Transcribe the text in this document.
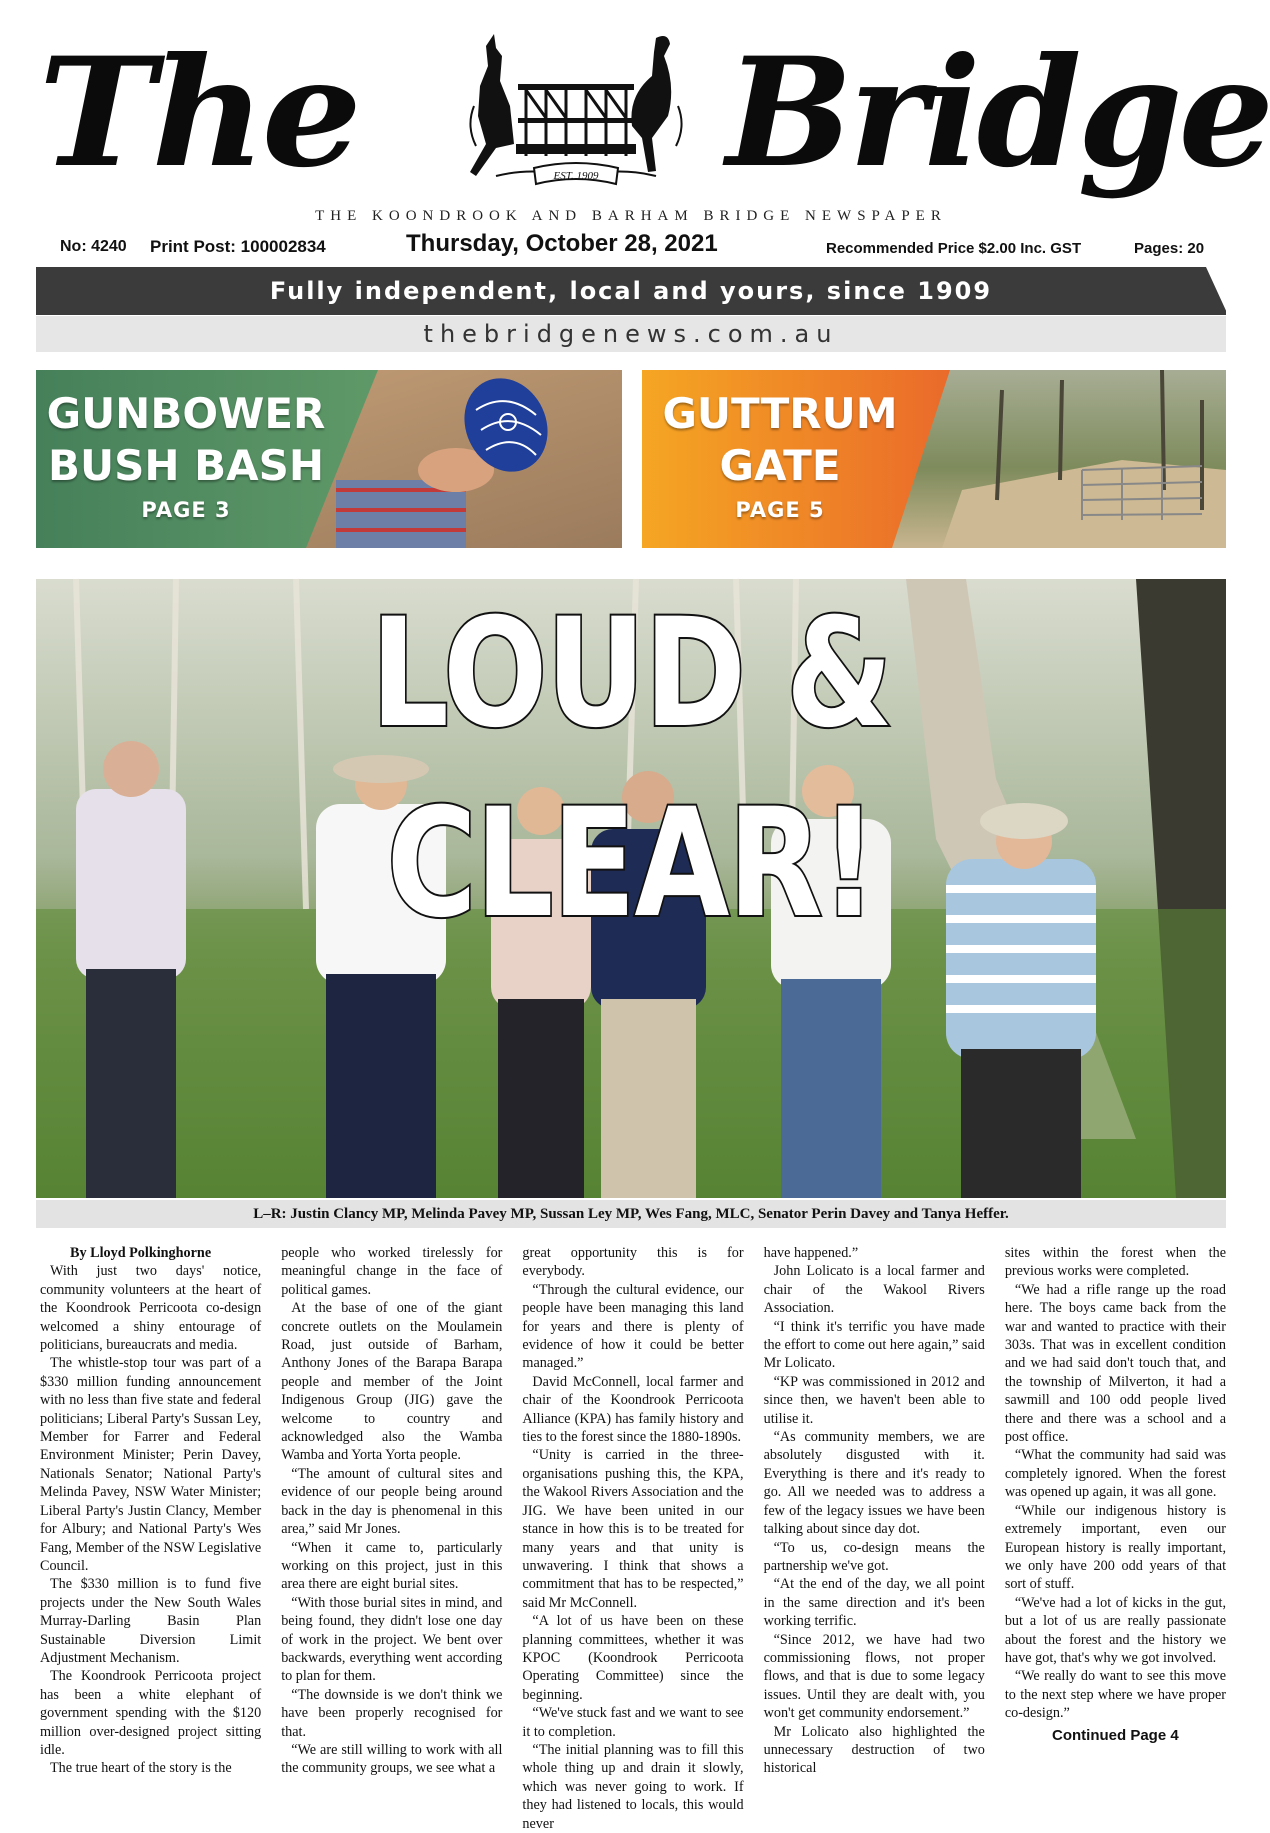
The	EST. 1909 Bridge
THE KOONDROOK AND BARHAM BRIDGE NEWSPAPER
No: 4240 Print Post: 100002834	Thursday, October 28, 2021	Recommended Price $2.00 Inc. GST	Pages: 20
Fully independent, local and yours, since 1909
thebridgenews.com.au
GUNBOWER
BUSH BASH
PAGE 3
GUTTRUM
GATE
PAGE 5
LOUD & CLEAR!
L–R: Justin Clancy MP, Melinda Pavey MP, Sussan Ley MP, Wes Fang, MLC, Senator Perin Davey and Tanya Heffer.

By Lloyd Polkinghorne

With just two days' notice, community volunteers at the heart of the Koondrook Perricoota co-design welcomed a shiny entourage of politicians, bureaucrats and media.

The whistle-stop tour was part of a $330 million funding announcement with no less than five state and federal politicians; Liberal Party's Sussan Ley, Member for Farrer and Federal Environment Minister; Perin Davey, Nationals Senator; National Party's Melinda Pavey, NSW Water Minister; Liberal Party's Justin Clancy, Member for Albury; and National Party's Wes Fang, Member of the NSW Legislative Council.

The $330 million is to fund five projects under the New South Wales Murray-Darling Basin Plan Sustainable Diversion Limit Adjustment Mechanism.

The Koondrook Perricoota project has been a white elephant of government spending with the $120 million over-designed project sitting idle.

The true heart of the story is the

people who worked tirelessly for meaningful change in the face of political games.

At the base of one of the giant concrete outlets on the Moulamein Road, just outside of Barham, Anthony Jones of the Barapa Barapa people and member of the Joint Indigenous Group (JIG) gave the welcome to country and acknowledged also the Wamba Wamba and Yorta Yorta people.

“The amount of cultural sites and evidence of our people being around back in the day is phenomenal in this area,” said Mr Jones.

“When it came to, particularly working on this project, just in this area there are eight burial sites.

“With those burial sites in mind, and being found, they didn't lose one day of work in the project. We bent over backwards, everything went according to plan for them.

“The downside is we don't think we have been properly recognised for that.

“We are still willing to work with all the community groups, we see what a

great opportunity this is for everybody.

“Through the cultural evidence, our people have been managing this land for years and there is plenty of evidence of how it could be better managed.”

David McConnell, local farmer and chair of the Koondrook Perricoota Alliance (KPA) has family history and ties to the forest since the 1880-1890s.

“Unity is carried in the three-organisations pushing this, the KPA, the Wakool Rivers Association and the JIG. We have been united in our stance in how this is to be treated for many years and that unity is unwavering. I think that shows a commitment that has to be respected,” said Mr McConnell.

“A lot of us have been on these planning committees, whether it was KPOC (Koondrook Perricoota Operating Committee) since the beginning.

“We've stuck fast and we want to see it to completion.

“The initial planning was to fill this whole thing up and drain it slowly, which was never going to work. If they had listened to locals, this would never

have happened.”

John Lolicato is a local farmer and chair of the Wakool Rivers Association.

“I think it's terrific you have made the effort to come out here again,” said Mr Lolicato.

“KP was commissioned in 2012 and since then, we haven't been able to utilise it.

“As community members, we are absolutely disgusted with it. Everything is there and it's ready to go. All we needed was to address a few of the legacy issues we have been talking about since day dot.

“To us, co-design means the partnership we've got.

“At the end of the day, we all point in the same direction and it's been working terrific.

“Since 2012, we have had two commissioning flows, not proper flows, and that is due to some legacy issues. Until they are dealt with, you won't get community endorsement.”

Mr Lolicato also highlighted the unnecessary destruction of two historical

sites within the forest when the previous works were completed.

“We had a rifle range up the road here. The boys came back from the war and wanted to practice with their 303s. That was in excellent condition and we had said don't touch that, and the township of Milverton, it had a sawmill and 100 odd people lived there and there was a school and a post office.

“What the community had said was completely ignored. When the forest was opened up again, it was all gone.

“While our indigenous history is extremely important, even our European history is really important, we only have 200 odd years of that sort of stuff.

“We've had a lot of kicks in the gut, but a lot of us are really passionate about the forest and the history we have got, that's why we got involved.

“We really do want to see this move to the next step where we have proper co-design.”

Continued Page 4
